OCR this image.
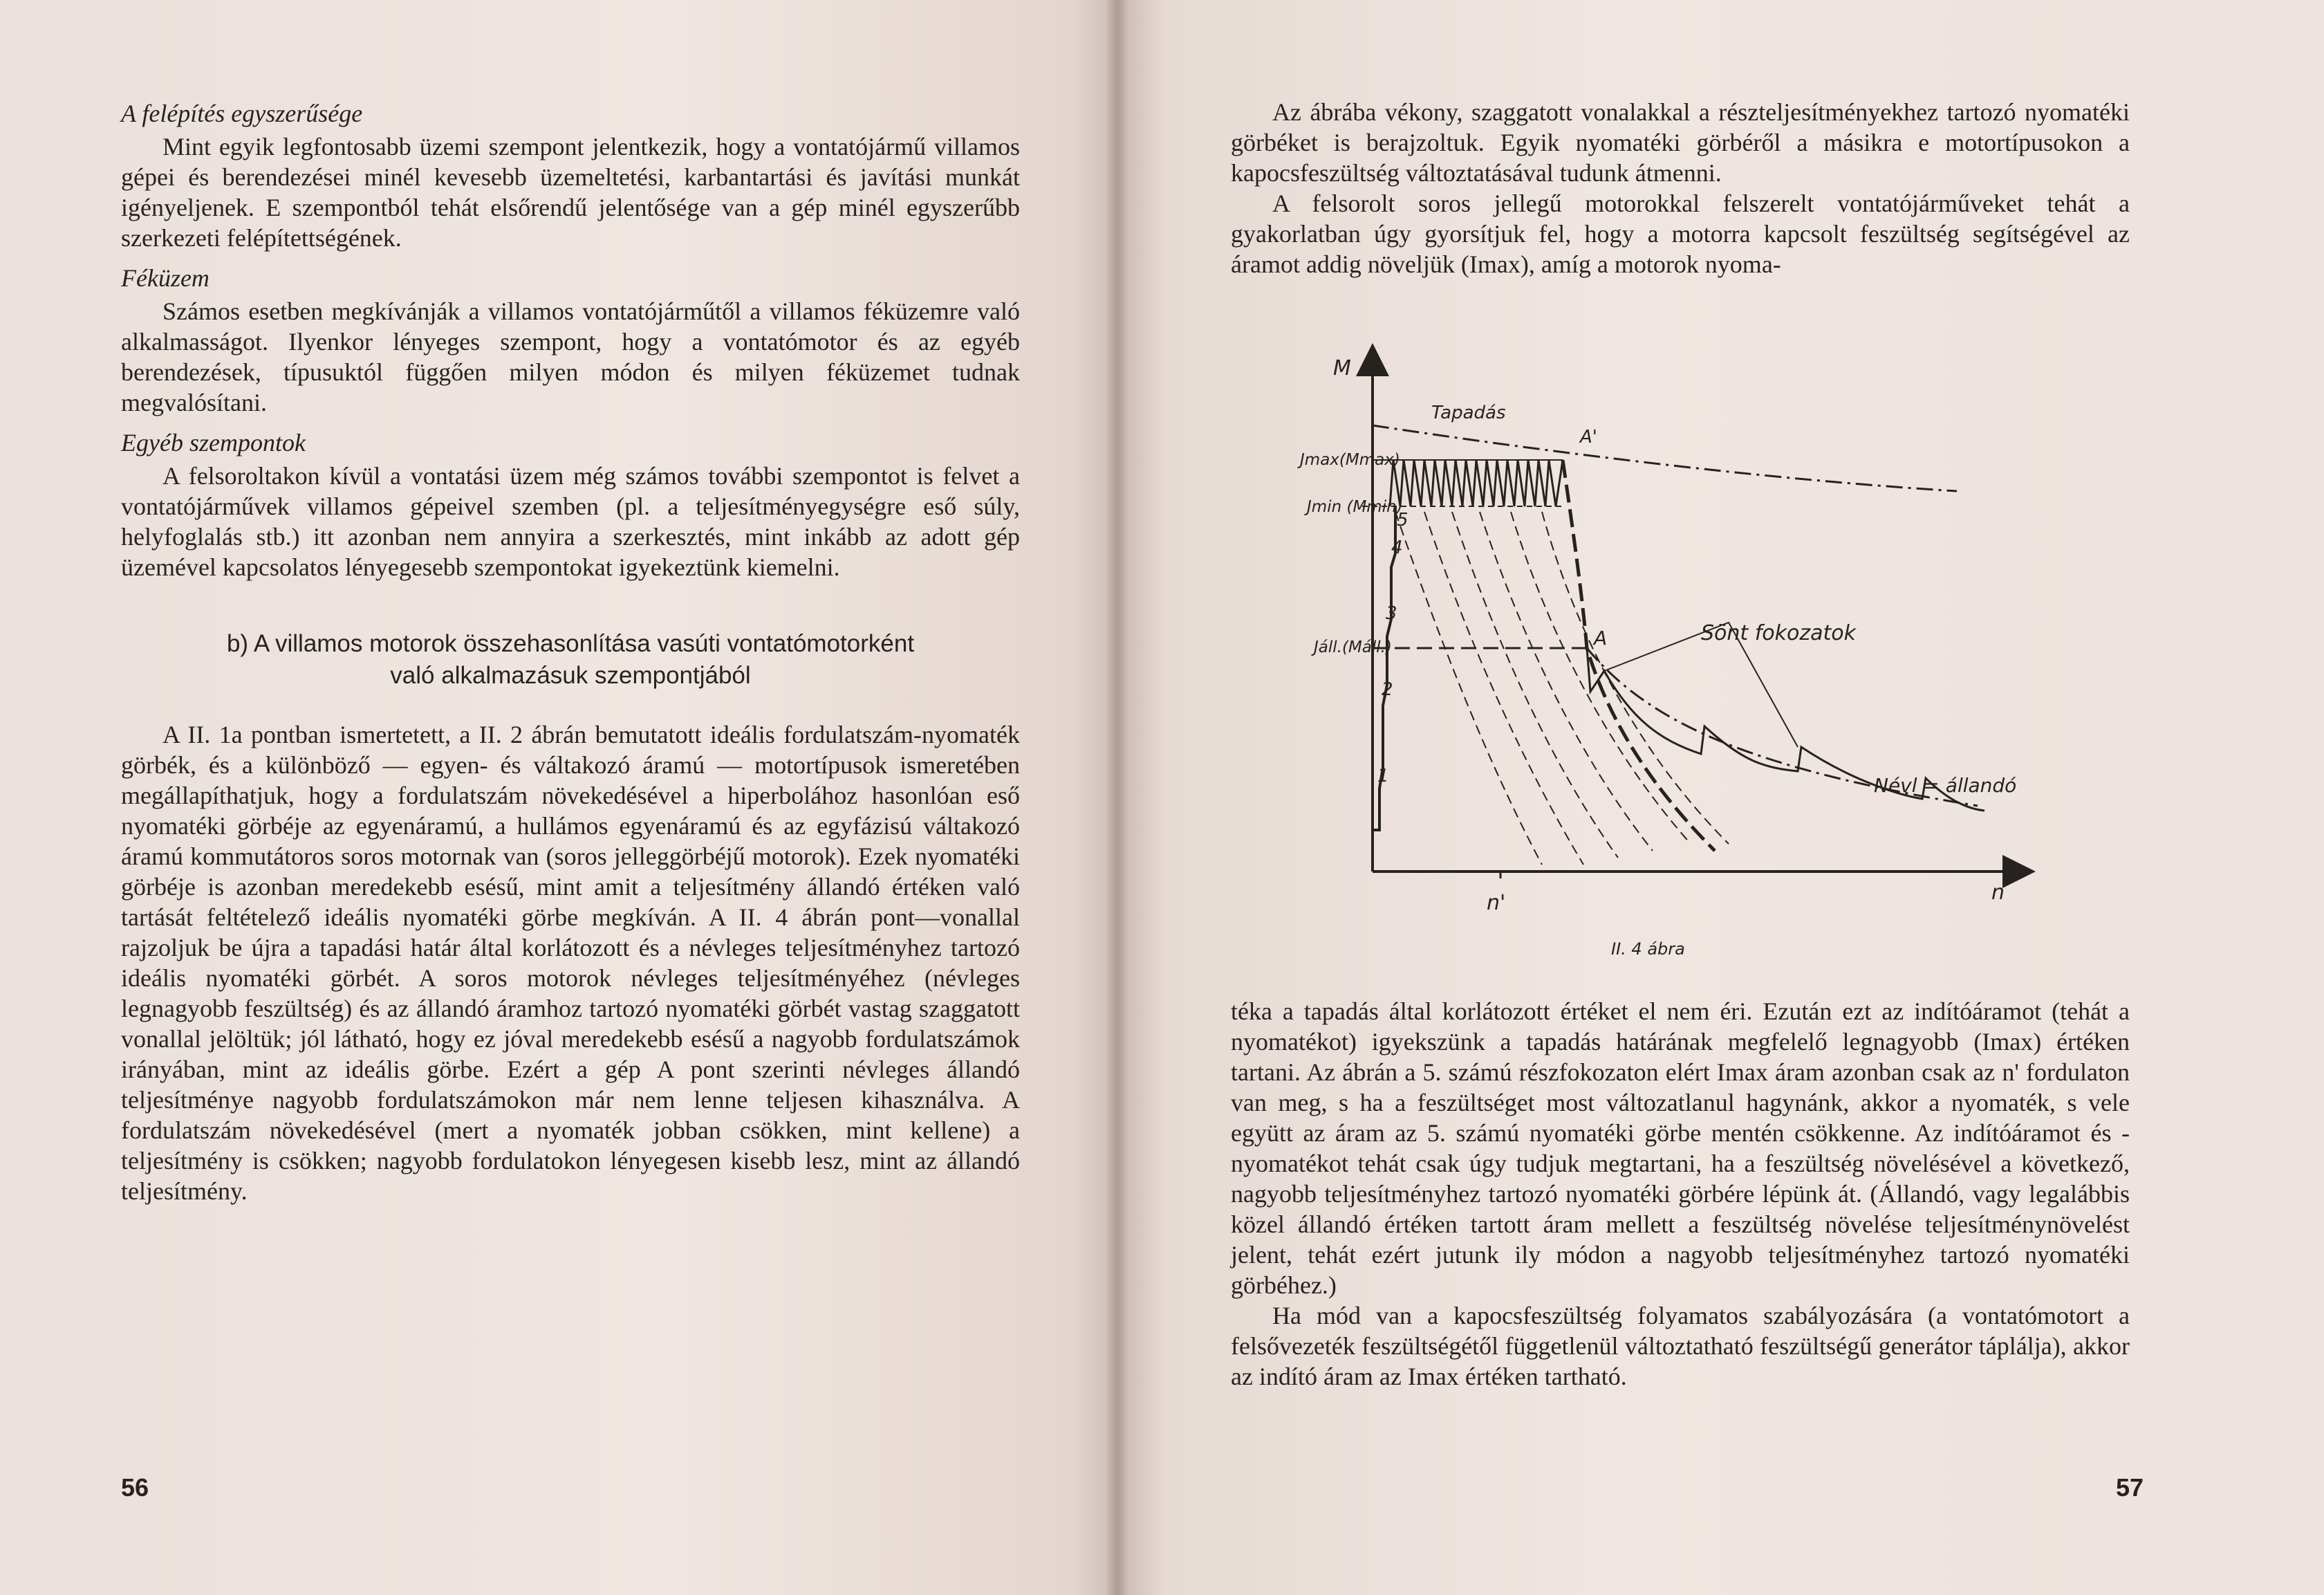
A felépítés egyszerűsége

Mint egyik legfontosabb üzemi szempont jelentkezik, hogy a vontatójármű villamos gépei és berendezései minél kevesebb üzemeltetési, karbantartási és javítási munkát igényeljenek. E szempontból tehát elsőrendű jelentősége van a gép minél egyszerűbb szerkezeti felépítettségének.

Féküzem

Számos esetben megkívánják a villamos vontatójárműtől a villamos féküzemre való alkalmasságot. Ilyenkor lényeges szempont, hogy a vontatómotor és az egyéb berendezések, típusuktól függően milyen módon és milyen féküzemet tudnak megvalósítani.

Egyéb szempontok

A felsoroltakon kívül a vontatási üzem még számos további szempontot is felvet a vontatójárművek villamos gépeivel szemben (pl. a teljesítményegységre eső súly, helyfoglalás stb.) itt azonban nem annyira a szerkesztés, mint inkább az adott gép üzemével kapcsolatos lényegesebb szempontokat igyekeztünk kiemelni.

b) A villamos motorok összehasonlítása vasúti vontatómotorként
való alkalmazásuk szempontjából

A II. 1a pontban ismertetett, a II. 2 ábrán bemutatott ideális fordulatszám-nyomaték görbék, és a különböző — egyen- és váltakozó áramú — motortípusok ismeretében megállapíthatjuk, hogy a fordulatszám növekedésével a hiperbolához hasonlóan eső nyomatéki görbéje az egyenáramú, a hullámos egyenáramú és az egyfázisú váltakozó áramú kommutátoros soros motornak van (soros jelleggörbéjű motorok). Ezek nyomatéki görbéje is azonban meredekebb esésű, mint amit a teljesítmény állandó értéken való tartását feltételező ideális nyomatéki görbe megkíván. A II. 4 ábrán pont—vonallal rajzoljuk be újra a tapadási határ által korlátozott és a névleges teljesítményhez tartozó ideális nyomatéki görbét. A soros motorok névleges teljesítményéhez (névleges legnagyobb feszültség) és az állandó áramhoz tartozó nyomatéki görbét vastag szaggatott vonallal jelöltük; jól látható, hogy ez jóval meredekebb esésű a nagyobb fordulatszámok irányában, mint az ideális görbe. Ezért a gép A pont szerinti névleges állandó teljesítménye nagyobb fordulatszámokon már nem lenne teljesen kihasználva. A fordulatszám növekedésével (mert a nyomaték jobban csökken, mint kellene) a teljesítmény is csökken; nagyobb fordulatokon lényegesen kisebb lesz, mint az állandó teljesítmény.

56	57

Az ábrába vékony, szaggatott vonalakkal a részteljesítményekhez tartozó nyomatéki görbéket is berajzoltuk. Egyik nyomatéki görbéről a másikra e motortípusokon a kapocsfeszültség változtatásával tudunk átmenni.

A felsorolt soros jellegű motorokkal felszerelt vontatójárműveket tehát a gyakorlatban úgy gyorsítjuk fel, hogy a motorra kapcsolt feszültség segítségével az áramot addig növeljük (Imax), amíg a motorok nyoma-

M
n
n'
Tapadás
A'
Jmax(Mmax)
Jmin (Mmin)
Jáll.(Máll.)
1
2
3
4
5
A	Sönt fokozatok
Névl = állandó
II. 4 ábra

téka a tapadás által korlátozott értéket el nem éri. Ezután ezt az indítóáramot (tehát a nyomatékot) igyekszünk a tapadás határának megfelelő legnagyobb (Imax) értéken tartani. Az ábrán a 5. számú részfokozaton elért Imax áram azonban csak az n' fordulaton van meg, s ha a feszültséget most változatlanul hagynánk, akkor a nyomaték, s vele együtt az áram az 5. számú nyomatéki görbe mentén csökkenne. Az indítóáramot és -nyomatékot tehát csak úgy tudjuk megtartani, ha a feszültség növelésével a következő, nagyobb teljesítményhez tartozó nyomatéki görbére lépünk át. (Állandó, vagy legalábbis közel állandó értéken tartott áram mellett a feszültség növelése teljesítménynövelést jelent, tehát ezért jutunk ily módon a nagyobb teljesítményhez tartozó nyomatéki görbéhez.)

Ha mód van a kapocsfeszültség folyamatos szabályozására (a vontatómotort a felsővezeték feszültségétől függetlenül változtatható feszültségű generátor táplálja), akkor az indító áram az Imax értéken tartható.
